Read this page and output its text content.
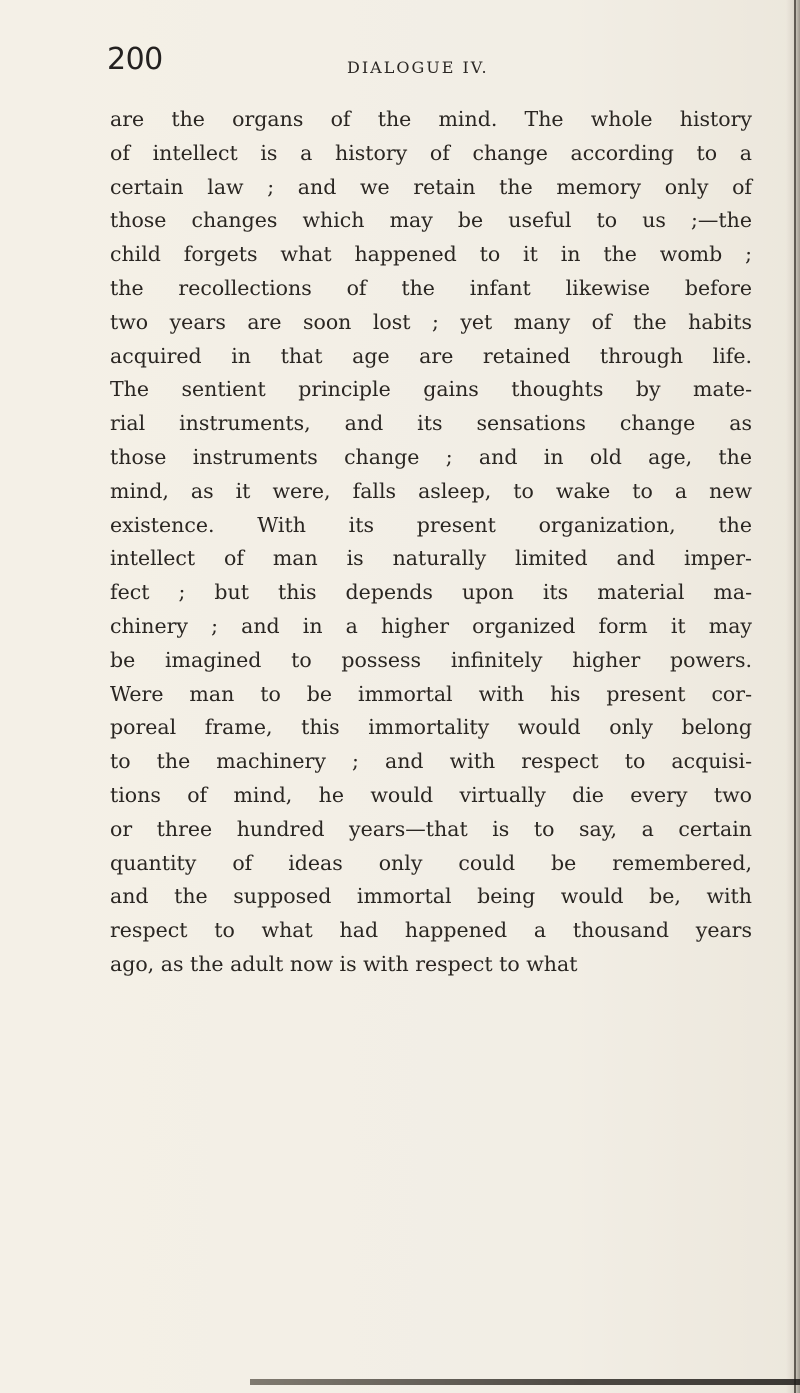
200	DIALOGUE IV.
are the organs of the mind. The whole history
of intellect is a history of change according to a
certain law ; and we retain the memory only of
those changes which may be useful to us ;—the
child forgets what happened to it in the womb ;
the recollections of the infant likewise before
two years are soon lost ; yet many of the habits
acquired in that age are retained through life.
The sentient principle gains thoughts by mate-
rial instruments, and its sensations change as
those instruments change ; and in old age, the
mind, as it were, falls asleep, to wake to a new
existence. With its present organization, the
intellect of man is naturally limited and imper-
fect ; but this depends upon its material ma-
chinery ; and in a higher organized form it may
be imagined to possess infinitely higher powers.
Were man to be immortal with his present cor-
poreal frame, this immortality would only belong
to the machinery ; and with respect to acquisi-
tions of mind, he would virtually die every two
or three hundred years—that is to say, a certain
quantity of ideas only could be remembered,
and the supposed immortal being would be, with
respect to what had happened a thousand years
ago, as the adult now is with respect to what
